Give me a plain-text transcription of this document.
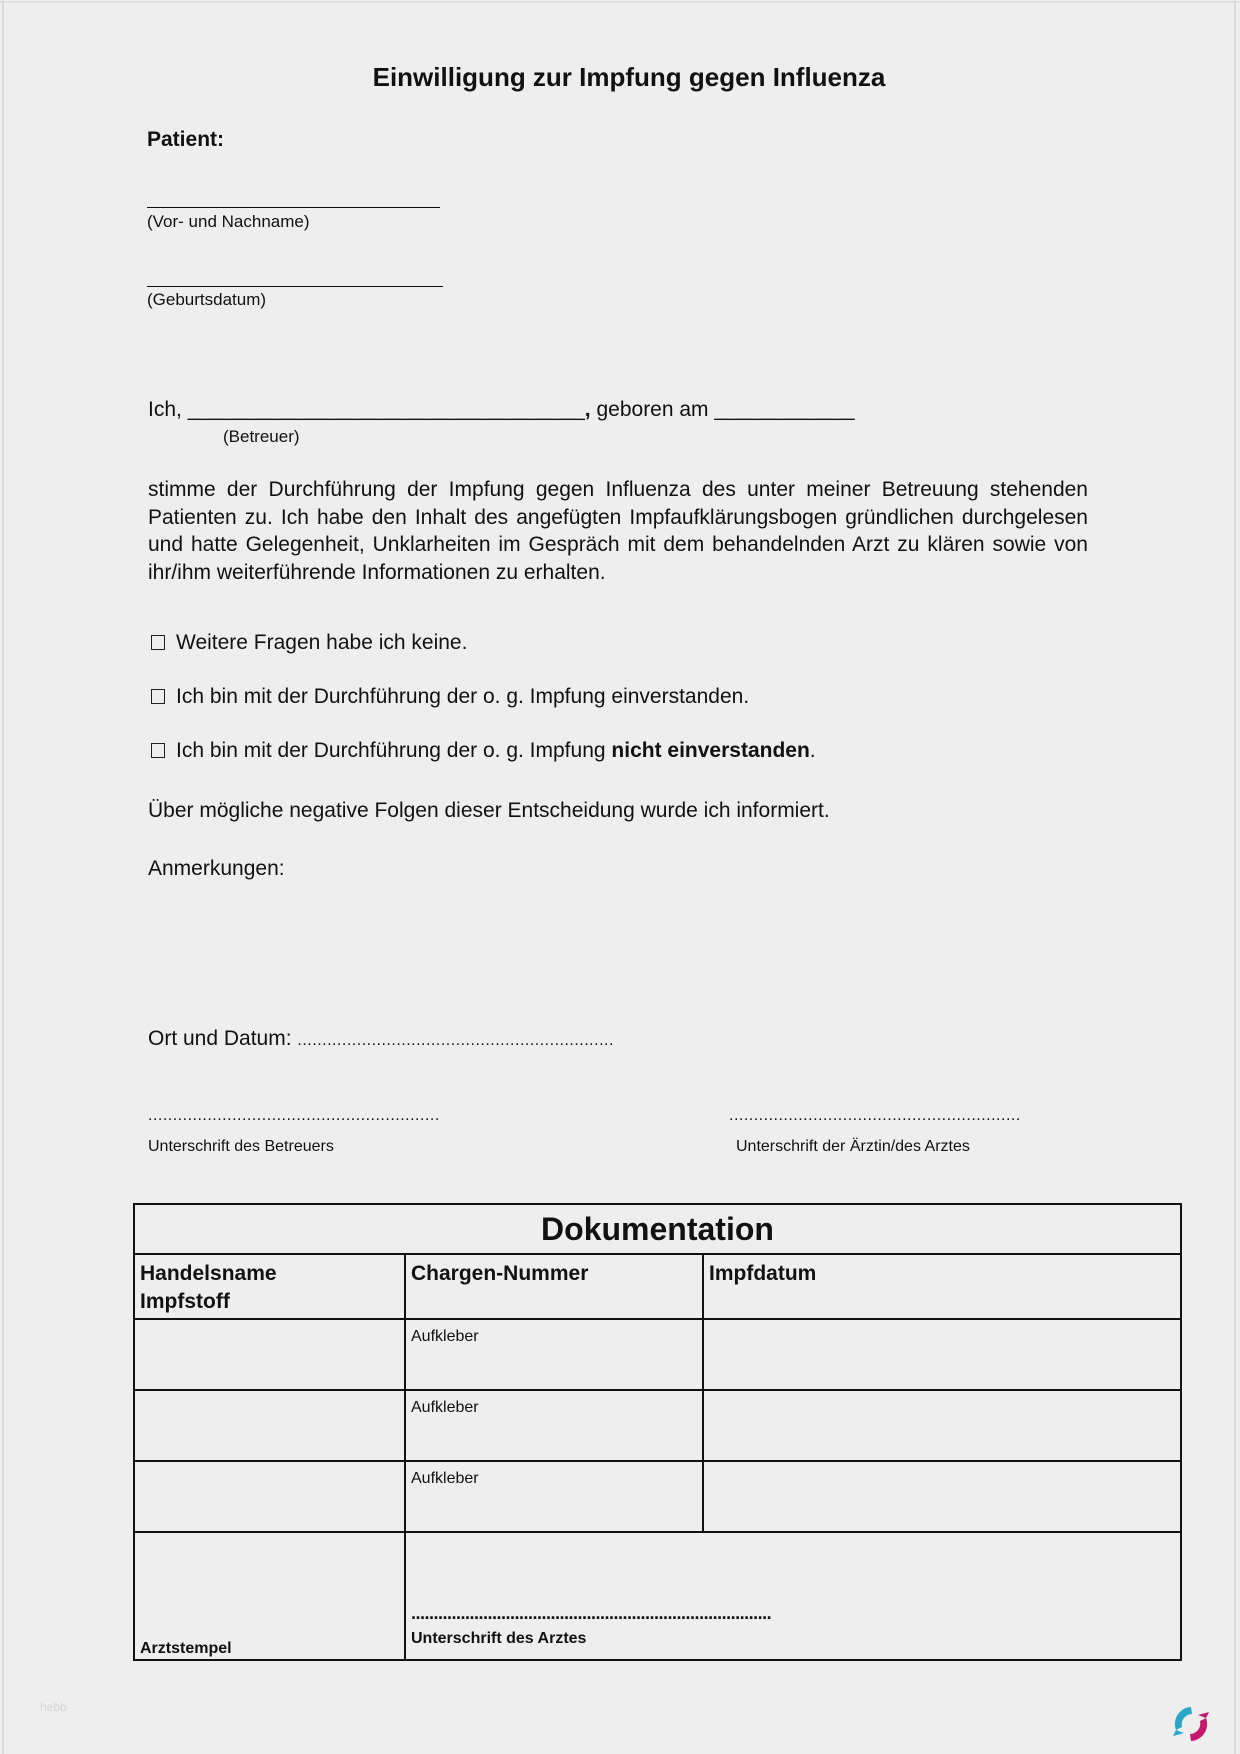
Einwilligung zur Impfung gegen Influenza
Patient:
(Vor- und Nachname)
(Geburtsdatum)
Ich, __________________________________, geboren am ____________
(Betreuer)
stimme der Durchführung der Impfung gegen Influenza des unter meiner Betreuung stehenden Patienten zu. Ich habe den Inhalt des angefügten Impfaufklärungsbogen gründlichen durchgelesen und hatte Gelegenheit, Unklarheiten im Gespräch mit dem behandelnden Arzt zu klären sowie von ihr/ihm weiterführende Informationen zu erhalten.
Weitere Fragen habe ich keine.
Ich bin mit der Durchführung der o. g. Impfung einverstanden.
Ich bin mit der Durchführung der o. g. Impfung nicht einverstanden.
Über mögliche negative Folgen dieser Entscheidung wurde ich informiert.
Anmerkungen:
Ort und Datum: ................................................................
...........................................................
Unterschrift des Betreuers
...........................................................
Unterschrift der Ärztin/des Arztes
Dokumentation		

Handelsname
Impfstoff	Chargen-Nummer	Impfdatum
	Aufkleber	
	Aufkleber	
	Aufkleber	

Arztstempel	................................................................................
Unterschrift des Arztes	
hebb
